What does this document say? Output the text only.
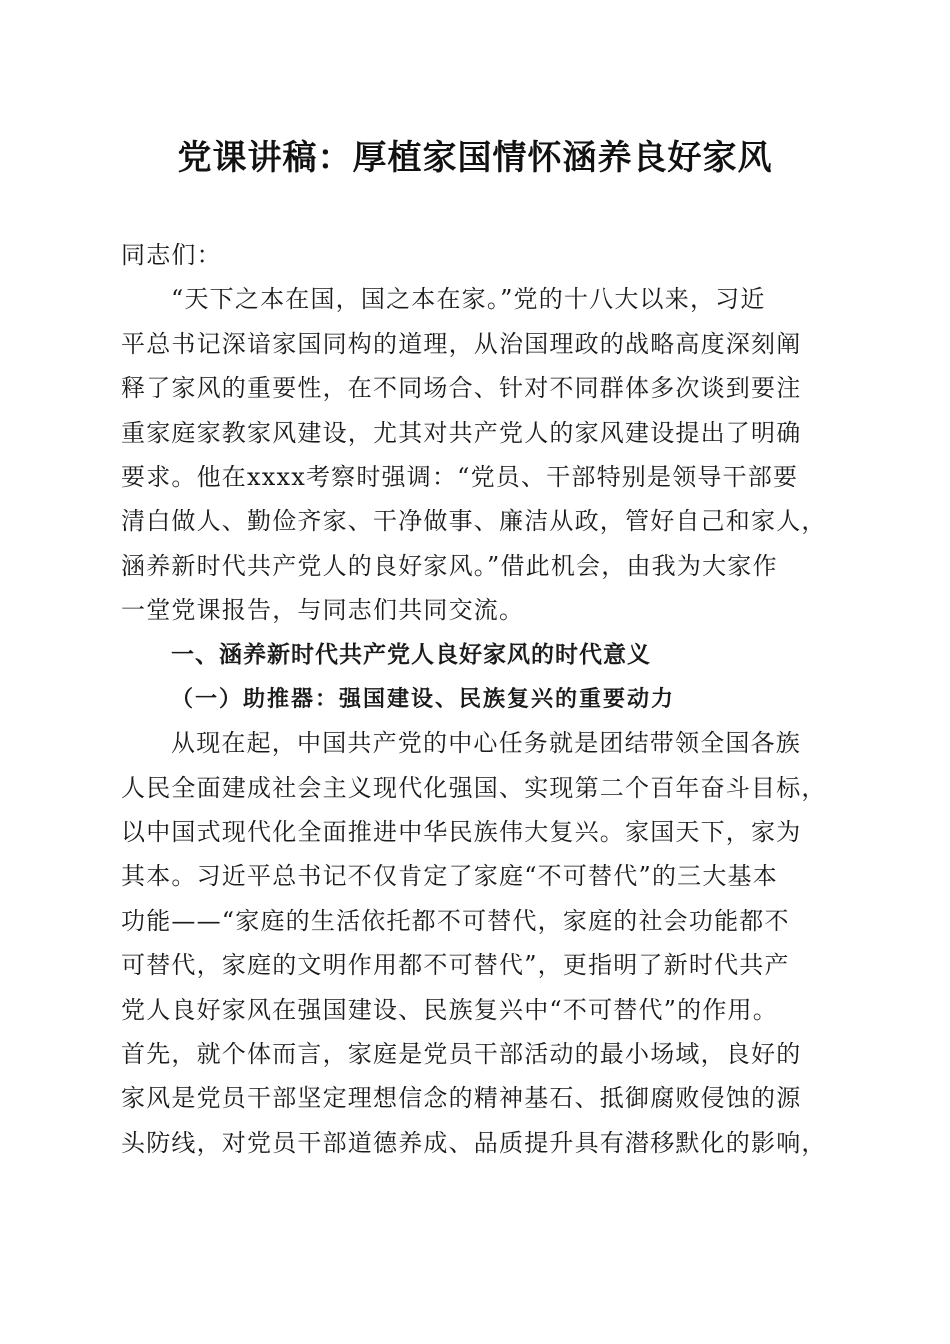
党课讲稿：厚植家国情怀涵养良好家风
同志们：
“天下之本在国，国之本在家。”党的十八大以来，习近
平总书记深谙家国同构的道理，从治国理政的战略高度深刻阐
释了家风的重要性，在不同场合、针对不同群体多次谈到要注
重家庭家教家风建设，尤其对共产党人的家风建设提出了明确
要求。他在xxxx考察时强调：“党员、干部特别是领导干部要
清白做人、勤俭齐家、干净做事、廉洁从政，管好自己和家人，
涵养新时代共产党人的良好家风。”借此机会，由我为大家作
一堂党课报告，与同志们共同交流。
一、涵养新时代共产党人良好家风的时代意义
（一）助推器：强国建设、民族复兴的重要动力
从现在起，中国共产党的中心任务就是团结带领全国各族
人民全面建成社会主义现代化强国、实现第二个百年奋斗目标，
以中国式现代化全面推进中华民族伟大复兴。家国天下，家为
其本。习近平总书记不仅肯定了家庭“不可替代”的三大基本
功能——“家庭的生活依托都不可替代，家庭的社会功能都不
可替代，家庭的文明作用都不可替代”，更指明了新时代共产
党人良好家风在强国建设、民族复兴中“不可替代”的作用。
首先，就个体而言，家庭是党员干部活动的最小场域，良好的
家风是党员干部坚定理想信念的精神基石、抵御腐败侵蚀的源
头防线，对党员干部道德养成、品质提升具有潜移默化的影响，
